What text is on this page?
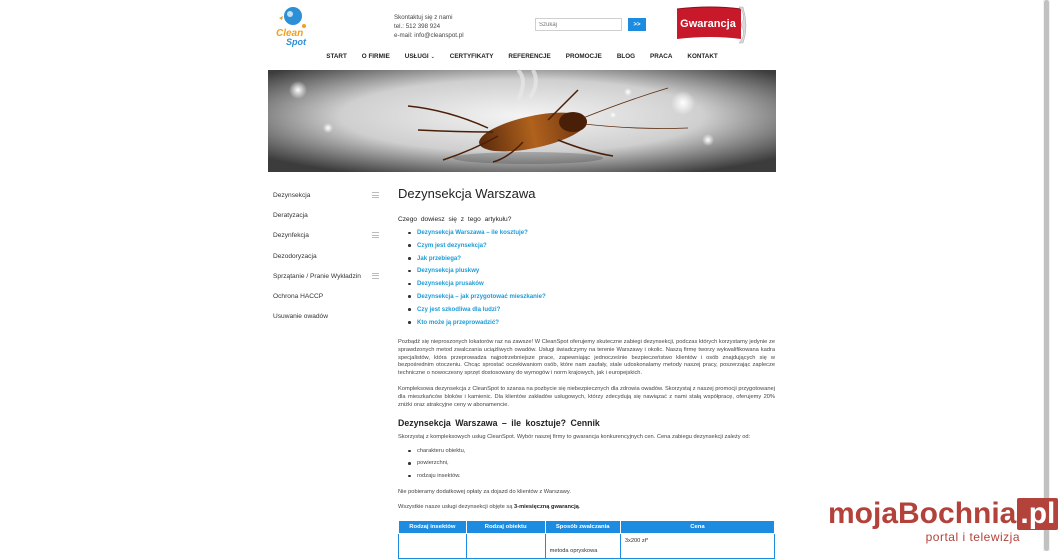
Clean
Spot
Skontaktuj się z nami
tel.: 512 398 924
e-mail: info@cleanspot.pl
Szukaj
>>	Gwarancja
START	O FIRMIE	USŁUGI ⌄	CERTYFIKATY	REFERENCJE	PROMOCJE	BLOG	PRACA	KONTAKT
Dezynsekcja
Deratyzacja
Dezynfekcja
Dezodoryzacja
Sprzątanie / Pranie Wykładzin
Ochrona HACCP
Usuwanie owadów
Dezynsekcja Warszawa
Czego dowiesz się z tego artykułu?
Dezynsekcja Warszawa – ile kosztuje?
Czym jest dezynsekcja?
Jak przebiega?
Dezynsekcja pluskwy
Dezynsekcja prusaków
Dezynsekcja – jak przygotować mieszkanie?
Czy jest szkodliwa dla ludzi?
Kto może ją przeprowadzić?

Pozbądź się nieproszonych lokatorów raz na zawsze! W CleanSpot oferujemy skuteczne zabiegi dezynsekcji, podczas których korzystamy jedynie ze sprawdzonych metod zwalczania uciążliwych owadów. Usługi świadczymy na terenie Warszawy i okolic. Naszą firmę tworzy wykwalifikowana kadra specjalistów, która przeprowadza najpotrzebniejsze prace, zapewniając jednocześnie bezpieczeństwo klientów i osób znajdujących się w bezpośrednim otoczeniu. Chcąc sprostać oczekiwaniom osób, które nam zaufały, stale udoskonalamy metody naszej pracy, poszerzając zaplecze techniczne o nowoczesny sprzęt dostosowany do wymogów i norm krajowych, jak i europejskich.

Kompleksowa dezynsekcja z CleanSpot to szansa na pozbycie się niebezpiecznych dla zdrowia owadów. Skorzystaj z naszej promocji przygotowanej dla mieszkańców bloków i kamienic. Dla klientów zakładów usługowych, którzy zdecydują się nawiązać z nami stałą współpracę, oferujemy 20% zniżki oraz atrakcyjne ceny w abonamencie.

Dezynsekcja Warszawa – ile kosztuje? Cennik

Skorzystaj z kompleksowych usług CleanSpot. Wybór naszej firmy to gwarancja konkurencyjnych cen. Cena zabiegu dezynsekcji zależy od:

charakteru obiektu,
powierzchni,
rodzaju insektów.

Nie pobieramy dodatkowej opłaty za dojazd do klientów z Warszawy.

Wszystkie nasze usługi dezynsekcji objęte są 3-miesięczną gwarancją.

Rodzaj insektów	Rodzaj obiektu	Sposób zwalczania	Cena
		metoda opryskowa	3x200 zł*
mojaBochnia .pl
portal i telewizja
